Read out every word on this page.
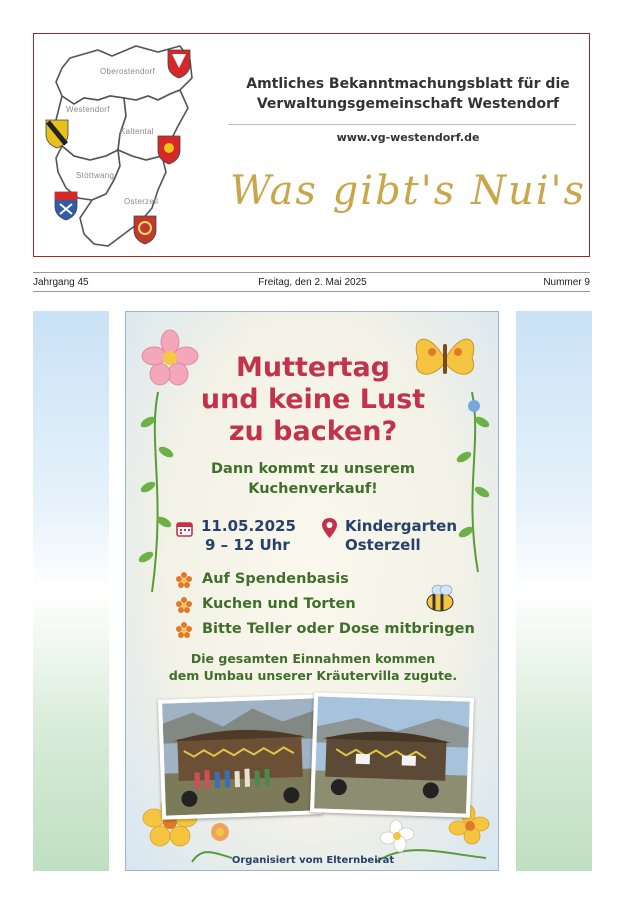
Oberostendorf
Westendorf
Kaltental
Stöttwang
Osterzell
Amtliches Bekanntmachungsblatt für die
Verwaltungsgemeinschaft Westendorf
www.vg-westendorf.de
Was gibt's Nui's
Jahrgang 45	Freitag, den 2. Mai 2025	Nummer 9
Muttertag
und keine Lust
zu backen?
Dann kommt zu unserem
Kuchenverkauf!
11.05.2025
9 – 12 Uhr
Kindergarten
Osterzell
Auf Spendenbasis
Kuchen und Torten
Bitte Teller oder Dose mitbringen
Die gesamten Einnahmen kommen
dem Umbau unserer Kräutervilla zugute.
Organisiert vom Elternbeirat
